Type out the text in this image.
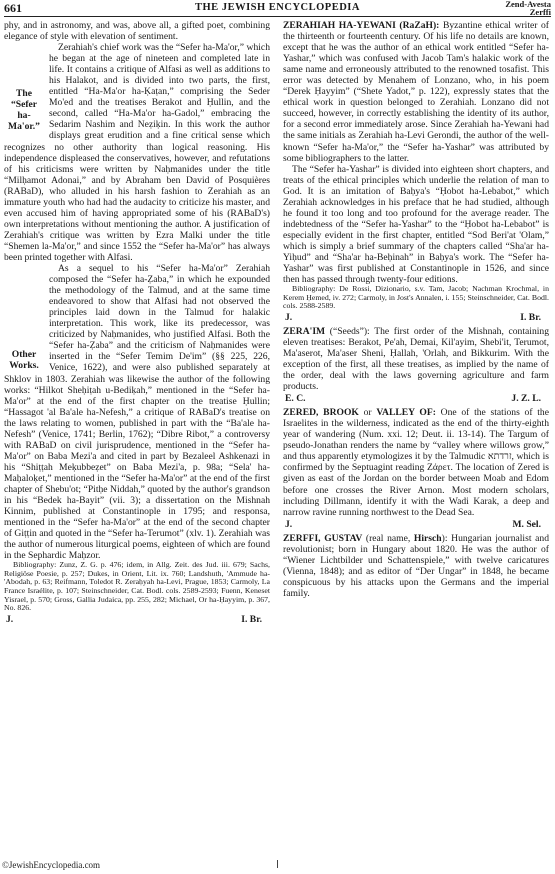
661	THE JEWISH ENCYCLOPEDIA	Zend-Avesta
Zerffi

phy, and in astronomy, and was, above all, a gifted poet, combining elegance of style with elevation of sentiment.

The “Sefer ha-Ma'or.”

Zerahiah's chief work was the “Sefer ha-Ma'or,” which he began at the age of nineteen and completed late in life. It contains a critique of Alfasi as well as additions to his Halakot, and is divided into two parts, the first, entitled “Ha-Ma'or ha-Ḳaṭan,” comprising the Seder Mo'ed and the treatises Berakot and Ḥullin, and the second, called “Ha-Ma'or ha-Gadol,” embracing the Sedarim Nashim and Neẓiḳin. In this work the author displays great erudition and a fine critical sense which recognizes no other authority than logical reasoning. His independence displeased the conservatives, however, and refutations of his criticisms were written by Naḥmanides under the title “Milḥamot Adonai,” and by Abraham ben David of Posquières (RABaD), who alluded in his harsh fashion to Zerahiah as an immature youth who had had the audacity to criticize his master, and even accused him of having appropriated some of his (RABaD's) own interpretations without mentioning the author. A justification of Zerahiah's critique was written by Ezra Malki under the title “Shemen la-Ma'or,” and since 1552 the “Sefer ha-Ma'or” has always been printed together with Alfasi.

Other Works.

As a sequel to his “Sefer ha-Ma'or” Zerahiah composed the “Sefer ha-Ẓaba,” in which he expounded the methodology of the Talmud, and at the same time endeavored to show that Alfasi had not observed the principles laid down in the Talmud for halakic interpretation. This work, like its predecessor, was criticized by Naḥmanides, who justified Alfasi. Both the “Sefer ha-Ẓaba” and the criticism of Naḥmanides were inserted in the “Sefer Temim De'im” (§§ 225, 226, Venice, 1622), and were also published separately at Shklov in 1803. Zerahiah was likewise the author of the following works: “Hilkot Sheḥiṭah u-Bediḳah,” mentioned in the “Sefer ha-Ma'or” at the end of the first chapter on the treatise Ḥullin; “Hassagot 'al Ba'ale ha-Nefesh,” a critique of RABaD's treatise on the laws relating to women, published in part with the “Ba'ale ha-Nefesh” (Venice, 1741; Berlin, 1762); “Dibre Ribot,” a controversy with RABaD on civil jurisprudence, mentioned in the “Sefer ha-Ma'or” on Baba Mezi'a and cited in part by Bezaleel Ashkenazi in his “Shiṭṭah Meḳubbeẓet” on Baba Mezi'a, p. 98a; “Sela' ha-Maḥaloḳet,” mentioned in the “Sefer ha-Ma'or” at the end of the first chapter of Shebu'ot; “Pitḥe Niddah,” quoted by the author's grandson in his “Bedek ha-Bayit” (vii. 3); a dissertation on the Mishnah Kinnim, published at Constantinople in 1795; and responsa, mentioned in the “Sefer ha-Ma'or” at the end of the second chapter of Giṭṭin and quoted in the “Sefer ha-Terumot” (xlv. 1). Zerahiah was the author of numerous liturgical poems, eighteen of which are found in the Sephardic Maḥzor.

Bibliography: Zunz, Z. G. p. 476; idem, in Allg. Zeit. des Jud. iii. 679; Sachs, Religiöse Poesie, p. 257; Dukes, in Orient, Lit. ix. 760; Landshuth, 'Ammude ha-'Abodah, p. 63; Reifmann, Toledot R. Zeraḥyah ha-Levi, Prague, 1853; Carmoly, La France Israélite, p. 107; Steinschneider, Cat. Bodl. cols. 2589-2593; Fuenn, Keneset Yisrael, p. 570; Gross, Gallia Judaica, pp. 255, 282; Michael, Or ha-Ḥayyim, p. 367, No. 826.

J.	I. Br.

ZERAHIAH HA-YEWANI (RaZaH): Byzantine ethical writer of the thirteenth or fourteenth century. Of his life no details are known, except that he was the author of an ethical work entitled “Sefer ha-Yashar,” which was confused with Jacob Tam's halakic work of the same name and erroneously attributed to the renowned tosafist. This error was detected by Menahem of Lonzano, who, in his poem “Derek Ḥayyim” (“Shete Yadot,” p. 122), expressly states that the ethical work in question belonged to Zerahiah. Lonzano did not succeed, however, in correctly establishing the identity of its author, for a second error immediately arose. Since Zerahiah ha-Yewani had the same initials as Zerahiah ha-Levi Gerondi, the author of the well-known “Sefer ha-Ma'or,” the “Sefer ha-Yashar” was attributed by some bibliographers to the latter.

The “Sefer ha-Yashar” is divided into eighteen short chapters, and treats of the ethical principles which underlie the relation of man to God. It is an imitation of Baḥya's “Ḥobot ha-Lebabot,” which Zerahiah acknowledges in his preface that he had studied, although he found it too long and too profound for the average reader. The indebtedness of the “Sefer ha-Yashar” to the “Ḥobot ha-Lebabot” is especially evident in the first chapter, entitled “Sod Beri'at 'Olam,” which is simply a brief summary of the chapters called “Sha'ar ha-Yiḥud” and “Sha'ar ha-Beḥinah” in Baḥya's work. The “Sefer ha-Yashar” was first published at Constantinople in 1526, and since then has passed through twenty-four editions.

Bibliography: De Rossi, Dizionario, s.v. Tam, Jacob; Nachman Krochmal, in Kerem Ḥemed, iv. 272; Carmoly, in Jost's Annalen, i. 155; Steinschneider, Cat. Bodl. cols. 2588-2589.

J.	I. Br.

ZERA'IM (“Seeds”): The first order of the Mishnah, containing eleven treatises: Berakot, Pe'ah, Demai, Kil'ayim, Shebi'it, Terumot, Ma'aserot, Ma'aser Sheni, Ḥallah, 'Orlah, and Bikkurim. With the exception of the first, all these treatises, as implied by the name of the order, deal with the laws governing agriculture and farm products.

E. C.	J. Z. L.

ZERED, BROOK or VALLEY OF: One of the stations of the Israelites in the wilderness, indicated as the end of the thirty-eighth year of wandering (Num. xxi. 12; Deut. ii. 13-14). The Targum of pseudo-Jonathan renders the name by “valley where willows grow,” and thus apparently etymologizes it by the Talmudic זרדתא, which is confirmed by the Septuagint reading Ζάρετ. The location of Zered is given as east of the Jordan on the border between Moab and Edom before one crosses the River Arnon. Most modern scholars, including Dillmann, identify it with the Wadi Karak, a deep and narrow ravine running northwest to the Dead Sea.

J.	M. Sel.

ZERFFI, GUSTAV (real name, Hirsch): Hungarian journalist and revolutionist; born in Hungary about 1820. He was the author of “Wiener Lichtbilder und Schattenspiele,” with twelve caricatures (Vienna, 1848); and as editor of “Der Ungar” in 1848, he became conspicuous by his attacks upon the Germans and the imperial family.

©JewishEncyclopedia.com
